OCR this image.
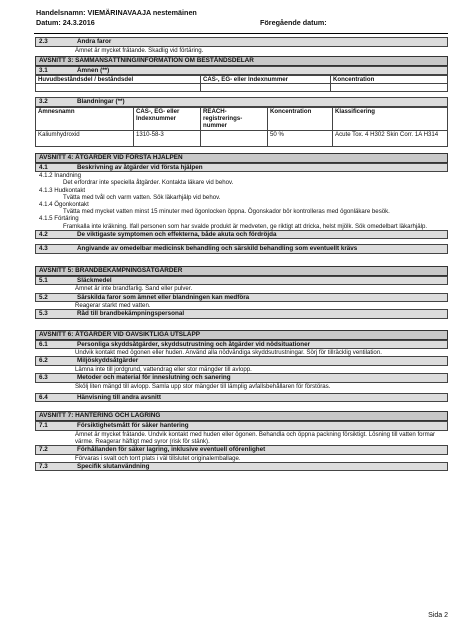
Handelsnamn: VIEMÄRINAVAAJA nestemäinen
Datum: 24.3.2016	Föregående datum:
2.3	Andra faror
Ämnet är mycket frätande. Skadlig vid förtäring.
AVSNITT 3: SAMMANSÄTTNING/INFORMATION OM BESTÅNDSDELAR
3.1	Ämnen (**)
Huvudbeståndsdel / beståndsdel	CAS-, EG- eller Indexnummer	Koncentration

3.2	Blandningar (**)
Ämnesnamn	CAS-, EG- eller Indexnummer	REACH-registrerings-nummer	Koncentration	Klassificering
Kaliumhydroxid	1310-58-3		50 %	Acute Tox. 4 H302 Skin Corr. 1A H314
AVSNITT 4: ÅTGÄRDER VID FÖRSTA HJÄLPEN
4.1	Beskrivning av åtgärder vid första hjälpen
4.1.2 Inandning
Det erfordrar inte speciella åtgärder. Kontakta läkare vid behov.
4.1.3 Hudkontakt
Tvätta med tvål och varm vatten. Sök läkarhjälp vid behov.
4.1.4 Ögonkontakt
Tvätta med mycket vatten minst 15 minuter med ögonlocken öppna. Ögonskador bör kontrolleras med ögonläkare besök.
4.1.5 Förtäring
Framkalla inte kräkning. Ifall personen som har svalde produkt är medveten, ge riktigt att dricka, helst mjölk. Sök omedelbart läkarhjälp.
4.2	De viktigaste symptomen och effekterna, både akuta och fördröjda
4.3	Angivande av omedelbar medicinsk behandling och särskild behandling som eventuellt krävs
AVSNITT 5: BRANDBEKÄMPNINGSÅTGÄRDER
5.1	Släckmedel
Ämnet är inte brandfarlig. Sand eller pulver.
5.2	Särskilda faror som ämnet eller blandningen kan medföra
Reagerar starkt med vatten.
5.3	Råd till brandbekämpningspersonal
AVSNITT 6: ÅTGÄRDER VID OAVSIKTLIGA UTSLÄPP
6.1	Personliga skyddsåtgärder, skyddsutrustning och åtgärder vid nödsituationer
Undvik kontakt med ögonen eller huden. Använd alla nödvändiga skyddsutrustningar. Sörj för tillräcklig ventilation.
6.2	Miljöskyddsåtgärder
Lämna inte till jordgrund, vattendrag eller stor mängder till avlopp.
6.3	Metoder och material för inneslutning och sanering
Skölj liten mängd till avlopp. Samla upp stor mängder till lämplig avfallsbehållaren för förstöras.
6.4	Hänvisning till andra avsnitt
AVSNITT 7: HANTERING OCH LAGRING
7.1	Försiktighetsmått för säker hantering
Ämnet är mycket frätande. Undvik kontakt med huden eller ögonen. Behandla och öppna packning försiktigt. Lösning till vatten formar värme. Reagerar häftigt med syror (risk för stänk).
7.2	Förhållanden för säker lagring, inklusive eventuell oförenlighet
Förvaras i svalt och torrt plats i väl tillslutet originalemballage.
7.3	Specifik slutanvändning
Sida 2
